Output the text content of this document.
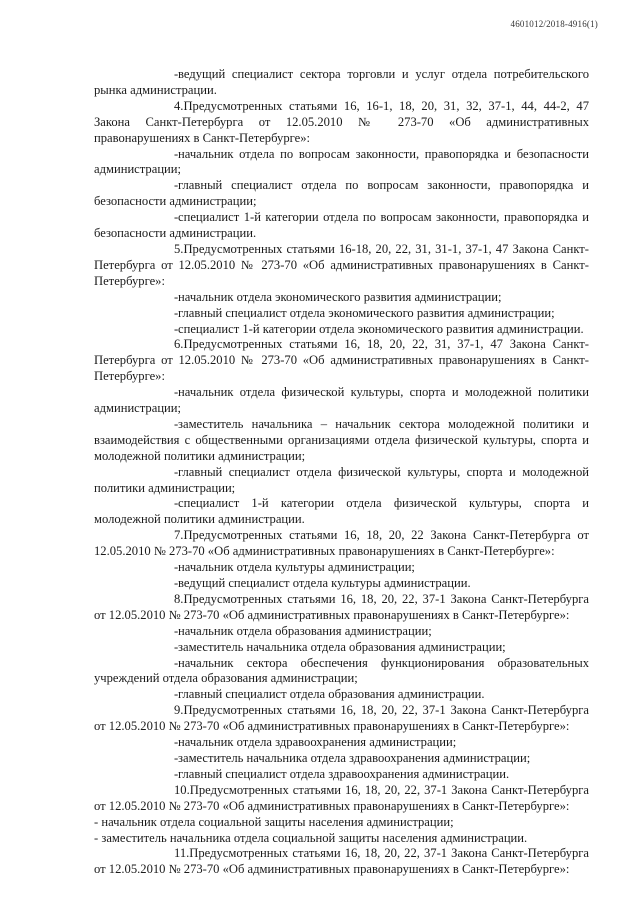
4601012/2018-4916(1)

-ведущий специалист сектора торговли и услуг отдела потребительского рынка администрации.

4.Предусмотренных статьями 16, 16-1, 18, 20, 31, 32, 37-1, 44, 44-2, 47 Закона Санкт-Петербурга от 12.05.2010 № 273-70 «Об административных правонарушениях в Санкт-Петербурге»:

-начальник отдела по вопросам законности, правопорядка и безопасности администрации;

-главный специалист отдела по вопросам законности, правопорядка и безопасности администрации;

-специалист 1-й категории отдела по вопросам законности, правопорядка и безопасности администрации.

5.Предусмотренных статьями 16-18, 20, 22, 31, 31-1, 37-1, 47 Закона Санкт-Петербурга от 12.05.2010 № 273-70 «Об административных правонарушениях в Санкт-Петербурге»:

-начальник отдела экономического развития администрации;

-главный специалист отдела экономического развития администрации;

-специалист 1-й категории отдела экономического развития администрации.

6.Предусмотренных статьями 16, 18, 20, 22, 31, 37-1, 47 Закона Санкт-Петербурга от 12.05.2010 № 273-70 «Об административных правонарушениях в Санкт-Петербурге»:

-начальник отдела физической культуры, спорта и молодежной политики администрации;

-заместитель начальника – начальник сектора молодежной политики и взаимодействия с общественными организациями отдела физической культуры, спорта и молодежной политики администрации;

-главный специалист отдела физической культуры, спорта и молодежной политики администрации;

-специалист 1-й категории отдела физической культуры, спорта и молодежной политики администрации.

7.Предусмотренных статьями 16, 18, 20, 22 Закона Санкт-Петербурга от 12.05.2010 № 273-70 «Об административных правонарушениях в Санкт-Петербурге»:

-начальник отдела культуры администрации;

-ведущий специалист отдела культуры администрации.

8.Предусмотренных статьями 16, 18, 20, 22, 37-1 Закона Санкт-Петербурга от 12.05.2010 № 273-70 «Об административных правонарушениях в Санкт-Петербурге»:

-начальник отдела образования администрации;

-заместитель начальника отдела образования администрации;

-начальник сектора обеспечения функционирования образовательных учреждений отдела образования администрации;

-главный специалист отдела образования администрации.

9.Предусмотренных статьями 16, 18, 20, 22, 37-1 Закона Санкт-Петербурга от 12.05.2010 № 273-70 «Об административных правонарушениях в Санкт-Петербурге»:

-начальник отдела здравоохранения администрации;

-заместитель начальника отдела здравоохранения администрации;

-главный специалист отдела здравоохранения администрации.

10.Предусмотренных статьями 16, 18, 20, 22, 37-1 Закона Санкт-Петербурга от 12.05.2010 № 273-70 «Об административных правонарушениях в Санкт-Петербурге»:

- начальник отдела социальной защиты населения администрации;

- заместитель начальника отдела социальной защиты населения администрации.

11.Предусмотренных статьями 16, 18, 20, 22, 37-1 Закона Санкт-Петербурга от 12.05.2010 № 273-70 «Об административных правонарушениях в Санкт-Петербурге»:
